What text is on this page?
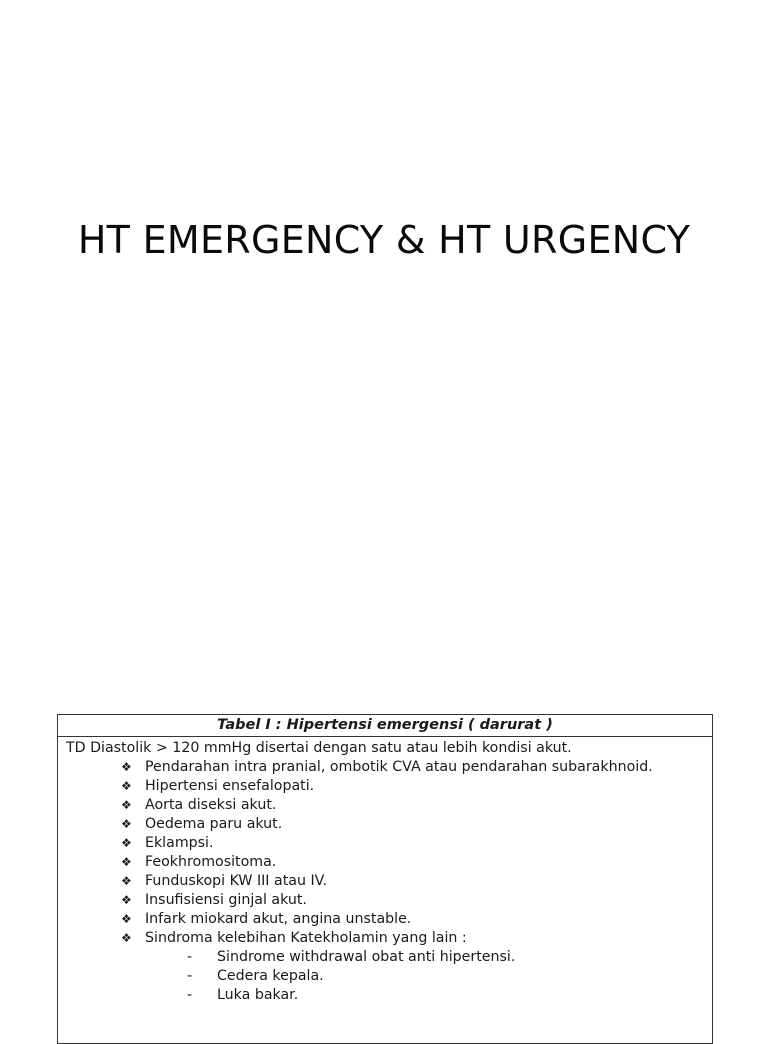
HT EMERGENCY & HT URGENCY
Tabel I : Hipertensi emergensi ( darurat )
TD Diastolik > 120 mmHg disertai dengan satu atau lebih kondisi akut.
❖ Pendarahan intra pranial, ombotik CVA atau pendarahan subarakhnoid.
❖ Hipertensi ensefalopati.
❖ Aorta diseksi akut.
❖ Oedema paru akut.
❖ Eklampsi.
❖ Feokhromositoma.
❖ Funduskopi KW III atau IV.
❖ Insufisiensi ginjal akut.
❖ Infark miokard akut, angina unstable.
❖ Sindroma kelebihan Katekholamin yang lain :
- Sindrome withdrawal obat anti hipertensi.
- Cedera kepala.
- Luka bakar.
